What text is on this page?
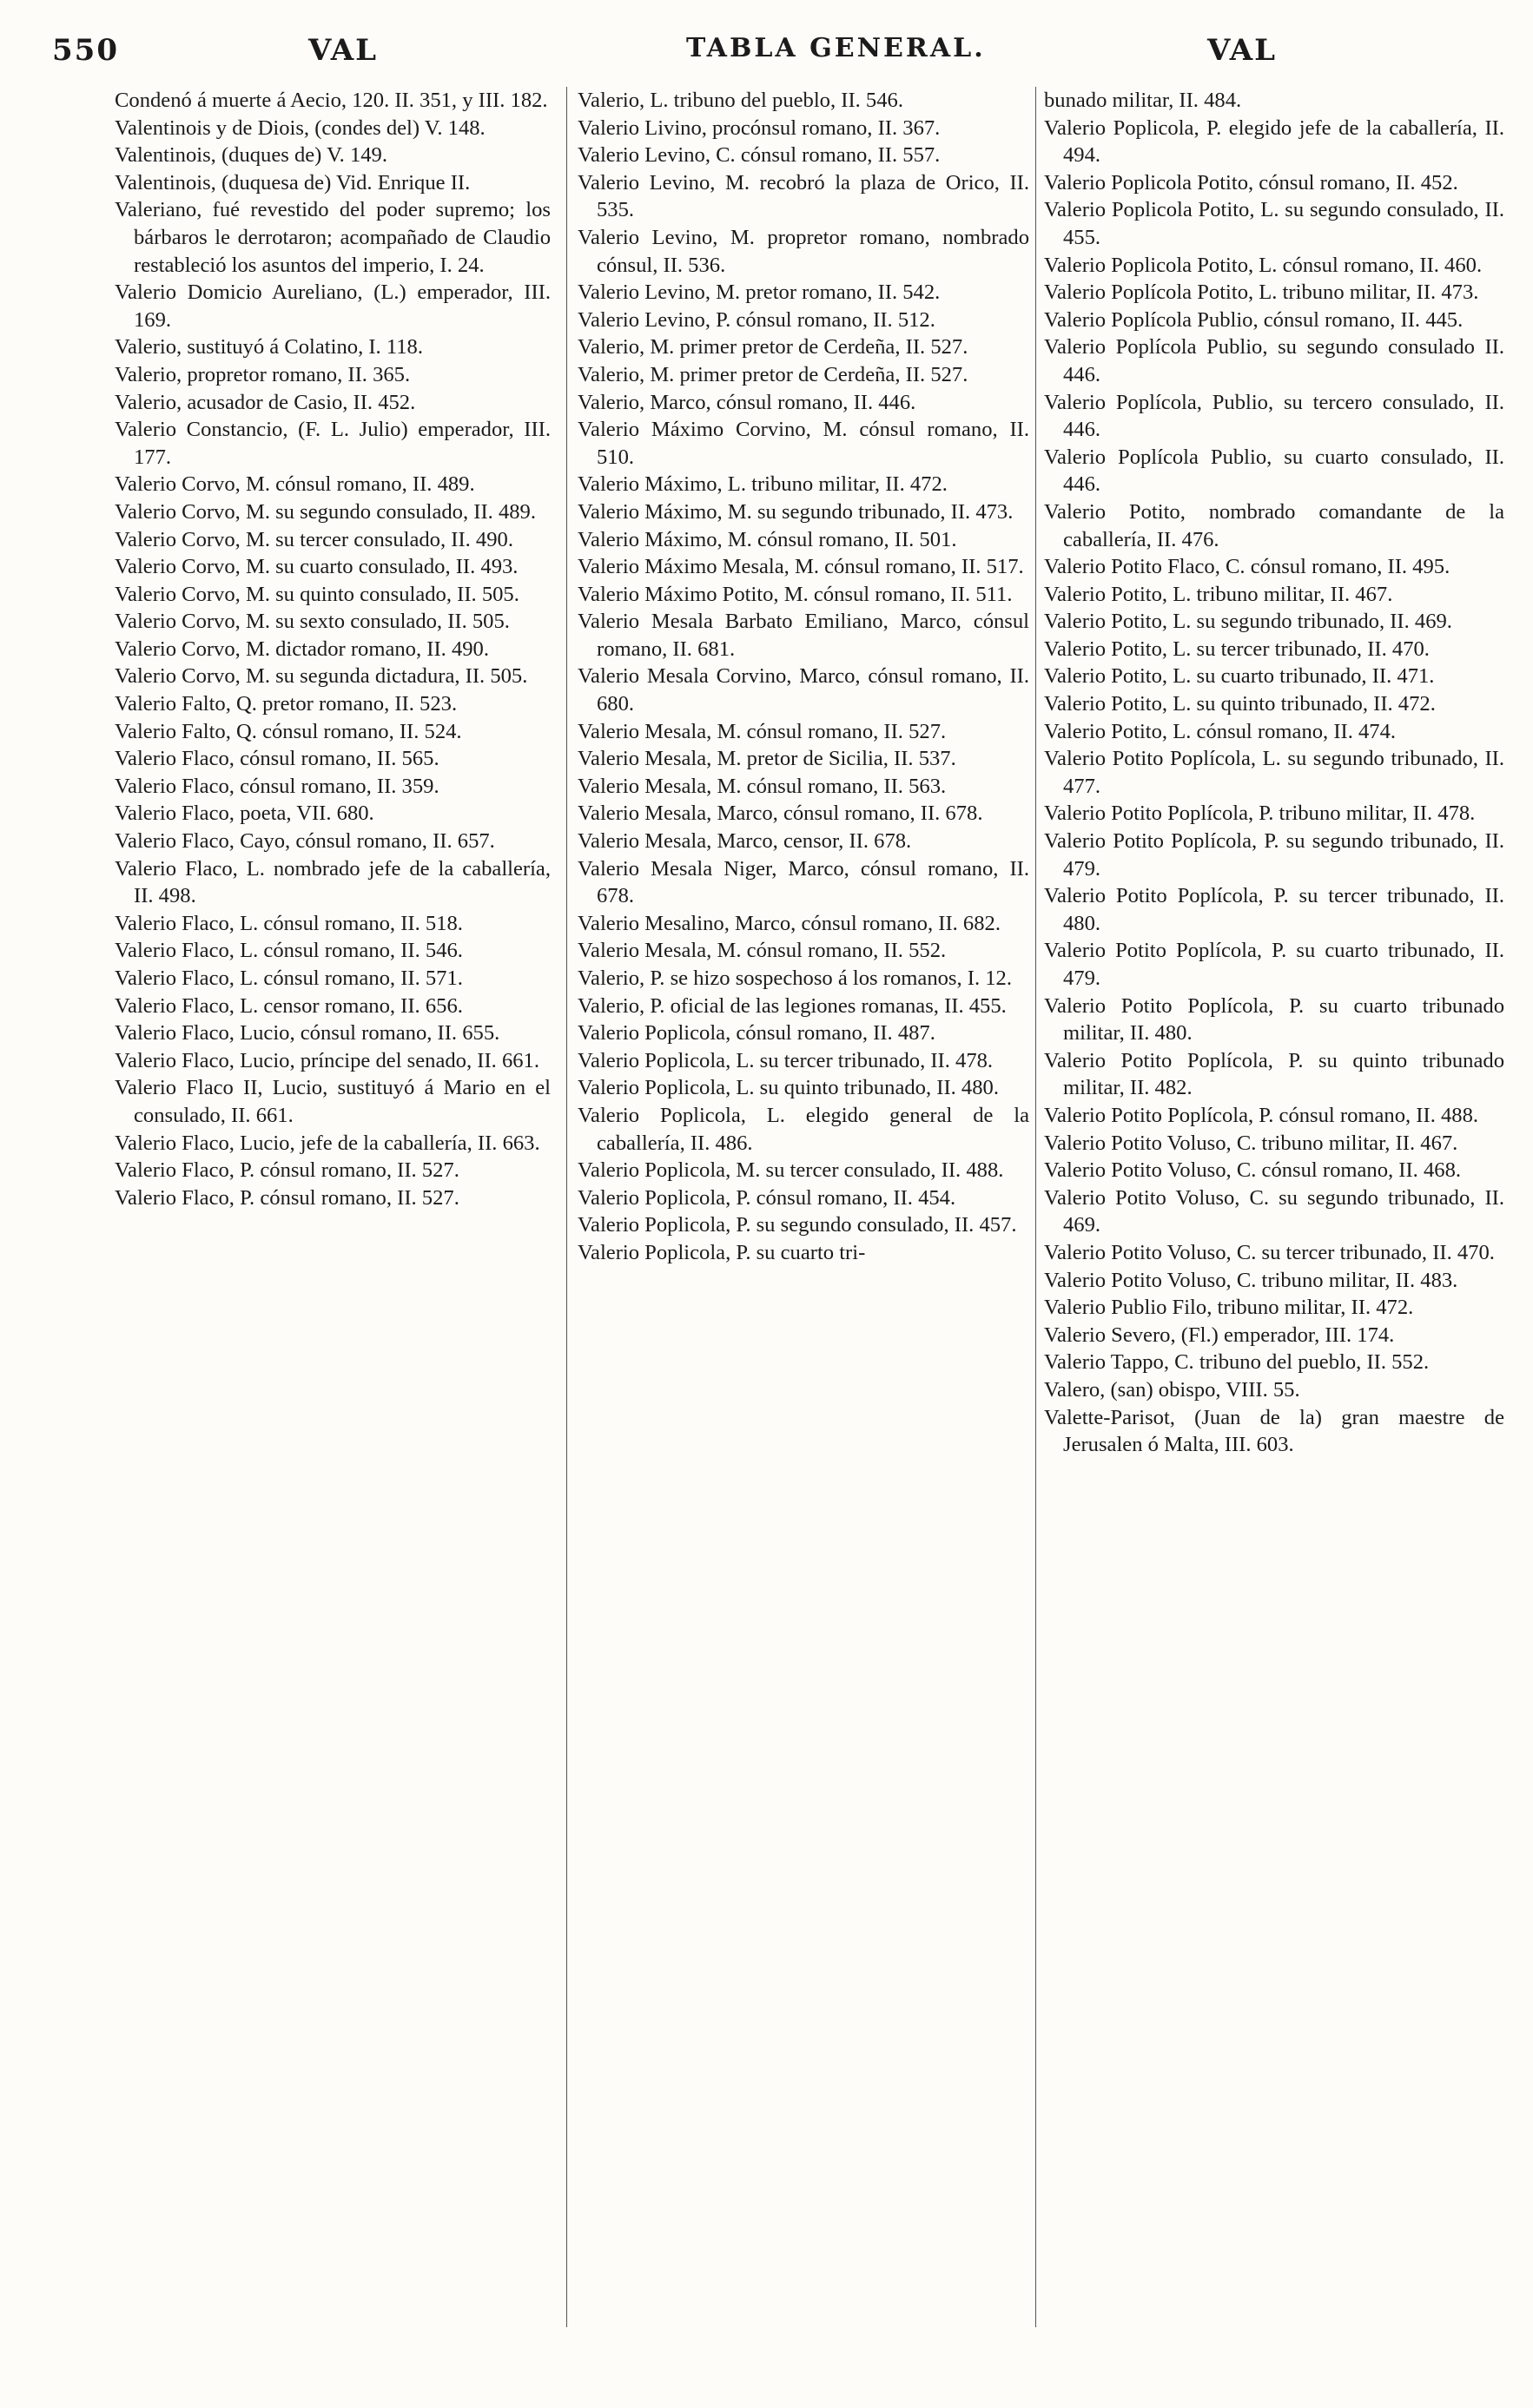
550	VAL	TABLA GENERAL.	VAL

Condenó á muerte á Aecio, 120. II. 351, y III. 182.

Valentinois y de Diois, (condes del) V. 148.

Valentinois, (duques de) V. 149.

Valentinois, (duquesa de) Vid. Enrique II.

Valeriano, fué revestido del poder supremo; los bárbaros le derrotaron; acompañado de Claudio restableció los asuntos del imperio, I. 24.

Valerio Domicio Aureliano, (L.) emperador, III. 169.

Valerio, sustituyó á Colatino, I. 118.

Valerio, propretor romano, II. 365.

Valerio, acusador de Casio, II. 452.

Valerio Constancio, (F. L. Julio) emperador, III. 177.

Valerio Corvo, M. cónsul romano, II. 489.

Valerio Corvo, M. su segundo consulado, II. 489.

Valerio Corvo, M. su tercer consulado, II. 490.

Valerio Corvo, M. su cuarto consulado, II. 493.

Valerio Corvo, M. su quinto consulado, II. 505.

Valerio Corvo, M. su sexto consulado, II. 505.

Valerio Corvo, M. dictador romano, II. 490.

Valerio Corvo, M. su segunda dictadura, II. 505.

Valerio Falto, Q. pretor romano, II. 523.

Valerio Falto, Q. cónsul romano, II. 524.

Valerio Flaco, cónsul romano, II. 565.

Valerio Flaco, cónsul romano, II. 359.

Valerio Flaco, poeta, VII. 680.

Valerio Flaco, Cayo, cónsul romano, II. 657.

Valerio Flaco, L. nombrado jefe de la caballería, II. 498.

Valerio Flaco, L. cónsul romano, II. 518.

Valerio Flaco, L. cónsul romano, II. 546.

Valerio Flaco, L. cónsul romano, II. 571.

Valerio Flaco, L. censor romano, II. 656.

Valerio Flaco, Lucio, cónsul romano, II. 655.

Valerio Flaco, Lucio, príncipe del senado, II. 661.

Valerio Flaco II, Lucio, sustituyó á Mario en el consulado, II. 661.

Valerio Flaco, Lucio, jefe de la caballería, II. 663.

Valerio Flaco, P. cónsul romano, II. 527.

Valerio Flaco, P. cónsul romano, II. 527.

Valerio, L. tribuno del pueblo, II. 546.

Valerio Livino, procónsul romano, II. 367.

Valerio Levino, C. cónsul romano, II. 557.

Valerio Levino, M. recobró la plaza de Orico, II. 535.

Valerio Levino, M. propretor romano, nombrado cónsul, II. 536.

Valerio Levino, M. pretor romano, II. 542.

Valerio Levino, P. cónsul romano, II. 512.

Valerio, M. primer pretor de Cerdeña, II. 527.

Valerio, M. primer pretor de Cerdeña, II. 527.

Valerio, Marco, cónsul romano, II. 446.

Valerio Máximo Corvino, M. cónsul romano, II. 510.

Valerio Máximo, L. tribuno militar, II. 472.

Valerio Máximo, M. su segundo tribunado, II. 473.

Valerio Máximo, M. cónsul romano, II. 501.

Valerio Máximo Mesala, M. cónsul romano, II. 517.

Valerio Máximo Potito, M. cónsul romano, II. 511.

Valerio Mesala Barbato Emiliano, Marco, cónsul romano, II. 681.

Valerio Mesala Corvino, Marco, cónsul romano, II. 680.

Valerio Mesala, M. cónsul romano, II. 527.

Valerio Mesala, M. pretor de Sicilia, II. 537.

Valerio Mesala, M. cónsul romano, II. 563.

Valerio Mesala, Marco, cónsul romano, II. 678.

Valerio Mesala, Marco, censor, II. 678.

Valerio Mesala Niger, Marco, cónsul romano, II. 678.

Valerio Mesalino, Marco, cónsul romano, II. 682.

Valerio Mesala, M. cónsul romano, II. 552.

Valerio, P. se hizo sospechoso á los romanos, I. 12.

Valerio, P. oficial de las legiones romanas, II. 455.

Valerio Poplicola, cónsul romano, II. 487.

Valerio Poplicola, L. su tercer tribunado, II. 478.

Valerio Poplicola, L. su quinto tribunado, II. 480.

Valerio Poplicola, L. elegido general de la caballería, II. 486.

Valerio Poplicola, M. su tercer consulado, II. 488.

Valerio Poplicola, P. cónsul romano, II. 454.

Valerio Poplicola, P. su segundo consulado, II. 457.

Valerio Poplicola, P. su cuarto tri-

bunado militar, II. 484.

Valerio Poplicola, P. elegido jefe de la caballería, II. 494.

Valerio Poplicola Potito, cónsul romano, II. 452.

Valerio Poplicola Potito, L. su segundo consulado, II. 455.

Valerio Poplicola Potito, L. cónsul romano, II. 460.

Valerio Poplícola Potito, L. tribuno militar, II. 473.

Valerio Poplícola Publio, cónsul romano, II. 445.

Valerio Poplícola Publio, su segundo consulado II. 446.

Valerio Poplícola, Publio, su tercero consulado, II. 446.

Valerio Poplícola Publio, su cuarto consulado, II. 446.

Valerio Potito, nombrado comandante de la caballería, II. 476.

Valerio Potito Flaco, C. cónsul romano, II. 495.

Valerio Potito, L. tribuno militar, II. 467.

Valerio Potito, L. su segundo tribunado, II. 469.

Valerio Potito, L. su tercer tribunado, II. 470.

Valerio Potito, L. su cuarto tribunado, II. 471.

Valerio Potito, L. su quinto tribunado, II. 472.

Valerio Potito, L. cónsul romano, II. 474.

Valerio Potito Poplícola, L. su segundo tribunado, II. 477.

Valerio Potito Poplícola, P. tribuno militar, II. 478.

Valerio Potito Poplícola, P. su segundo tribunado, II. 479.

Valerio Potito Poplícola, P. su tercer tribunado, II. 480.

Valerio Potito Poplícola, P. su cuarto tribunado, II. 479.

Valerio Potito Poplícola, P. su cuarto tribunado militar, II. 480.

Valerio Potito Poplícola, P. su quinto tribunado militar, II. 482.

Valerio Potito Poplícola, P. cónsul romano, II. 488.

Valerio Potito Voluso, C. tribuno militar, II. 467.

Valerio Potito Voluso, C. cónsul romano, II. 468.

Valerio Potito Voluso, C. su segundo tribunado, II. 469.

Valerio Potito Voluso, C. su tercer tribunado, II. 470.

Valerio Potito Voluso, C. tribuno militar, II. 483.

Valerio Publio Filo, tribuno militar, II. 472.

Valerio Severo, (Fl.) emperador, III. 174.

Valerio Tappo, C. tribuno del pueblo, II. 552.

Valero, (san) obispo, VIII. 55.

Valette-Parisot, (Juan de la) gran maestre de Jerusalen ó Malta, III. 603.
